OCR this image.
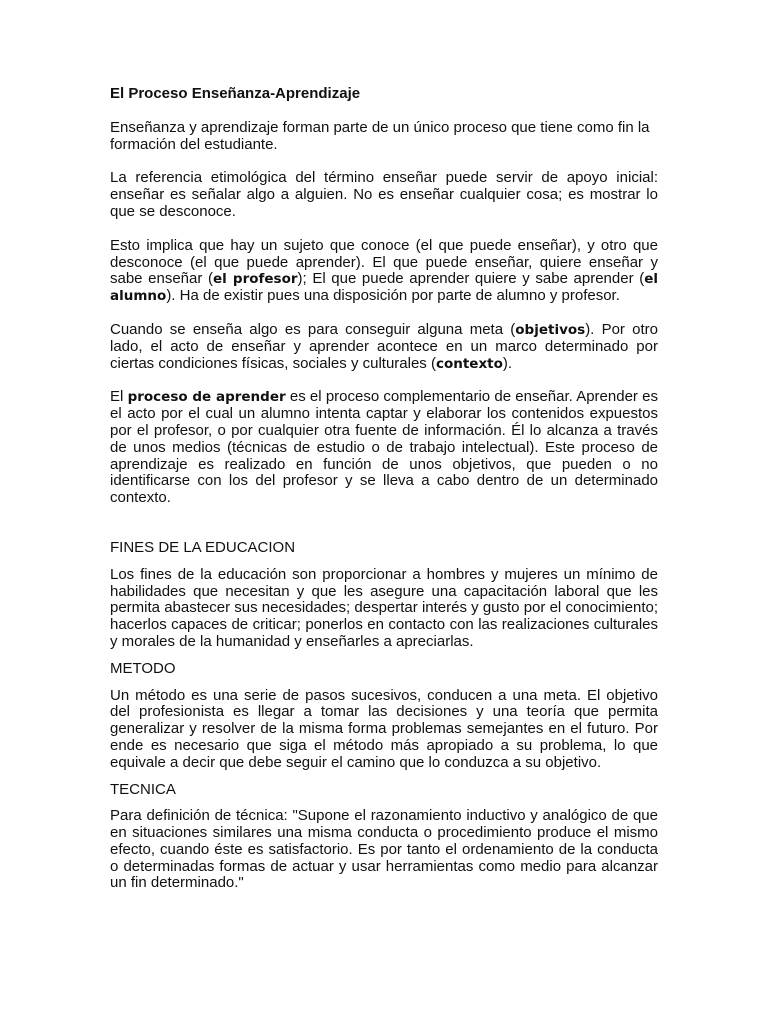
El Proceso Enseñanza-Aprendizaje

Enseñanza y aprendizaje forman parte de un único proceso que tiene como fin la formación del estudiante.

La referencia etimológica del término enseñar puede servir de apoyo inicial: enseñar es señalar algo a alguien. No es enseñar cualquier cosa; es mostrar lo que se desconoce.

Esto implica que hay un sujeto que conoce (el que puede enseñar), y otro que desconoce (el que puede aprender). El que puede enseñar, quiere enseñar y sabe enseñar (el profesor); El que puede aprender quiere y sabe aprender (el alumno). Ha de existir pues una disposición por parte de alumno y profesor.

Cuando se enseña algo es para conseguir alguna meta (objetivos). Por otro lado, el acto de enseñar y aprender acontece en un marco determinado por ciertas condiciones físicas, sociales y culturales (contexto).

El proceso de aprender es el proceso complementario de enseñar. Aprender es el acto por el cual un alumno intenta captar y elaborar los contenidos expuestos por el profesor, o por cualquier otra fuente de información. Él lo alcanza a través de unos medios (técnicas de estudio o de trabajo intelectual). Este proceso de aprendizaje es realizado en función de unos objetivos, que pueden o no identificarse con los del profesor y se lleva a cabo dentro de un determinado contexto.

FINES DE LA EDUCACION

Los fines de la educación son proporcionar a hombres y mujeres un mínimo de habilidades que necesitan y que les asegure una capacitación laboral que les permita abastecer sus necesidades; despertar interés y gusto por el conocimiento; hacerlos capaces de criticar; ponerlos en contacto con las realizaciones culturales y morales de la humanidad y enseñarles a apreciarlas.

METODO

Un método es una serie de pasos sucesivos, conducen a una meta. El objetivo del profesionista es llegar a tomar las decisiones y una teoría que permita generalizar y resolver de la misma forma problemas semejantes en el futuro. Por ende es necesario que siga el método más apropiado a su problema, lo que equivale a decir que debe seguir el camino que lo conduzca a su objetivo.

TECNICA

Para definición de técnica: "Supone el razonamiento inductivo y analógico de que en situaciones similares una misma conducta o procedimiento produce el mismo efecto, cuando éste es satisfactorio. Es por tanto el ordenamiento de la conducta o determinadas formas de actuar y usar herramientas como medio para alcanzar un fin determinado."
